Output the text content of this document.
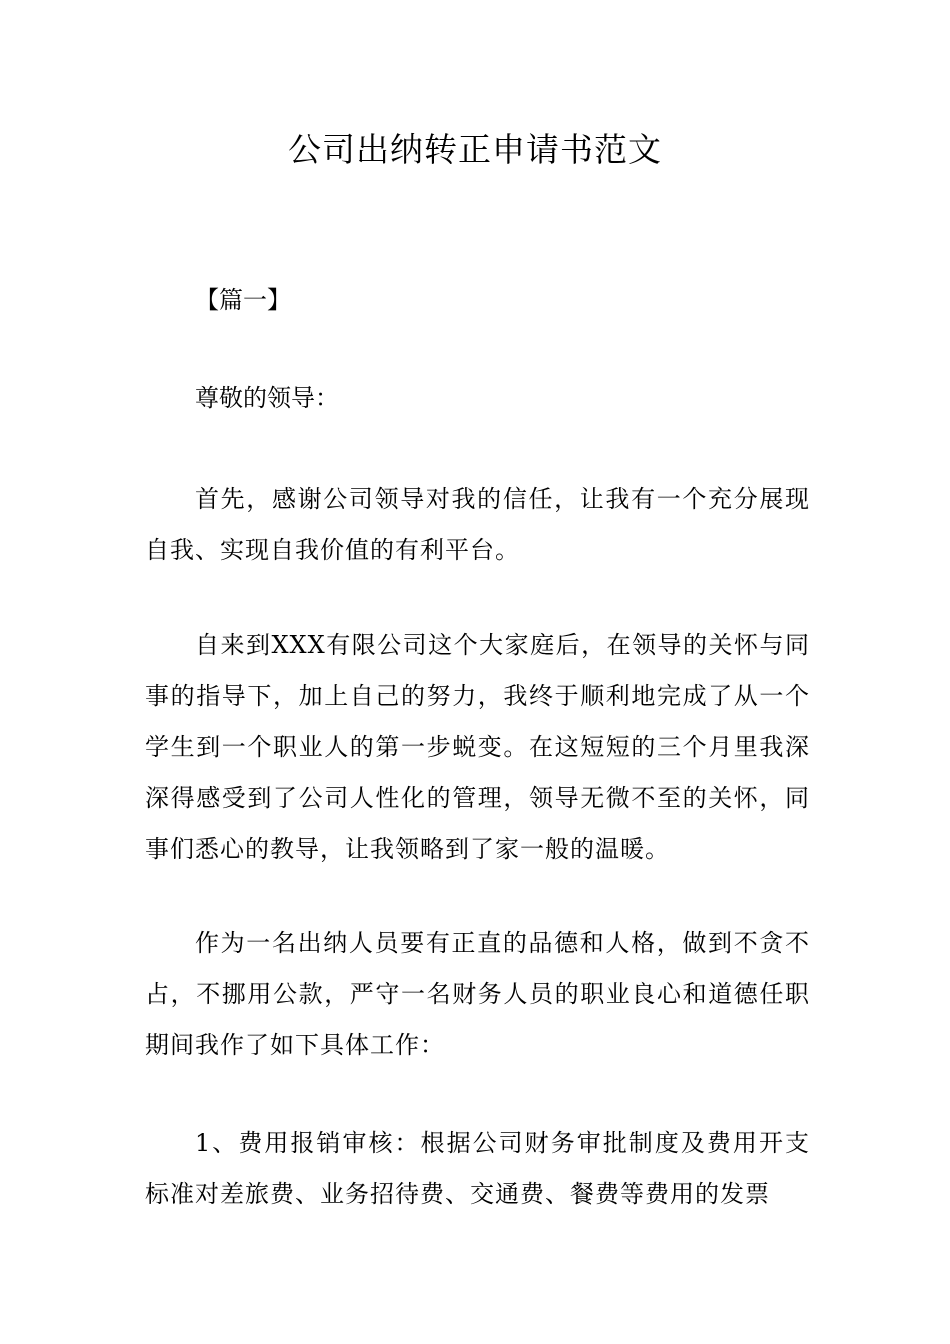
公司出纳转正申请书范文
【篇一】
尊敬的领导：

首先，感谢公司领导对我的信任，让我有一个充分展现自我、实现自我价值的有利平台。

自来到XXX有限公司这个大家庭后，在领导的关怀与同事的指导下，加上自己的努力，我终于顺利地完成了从一个学生到一个职业人的第一步蜕变。在这短短的三个月里我深深得感受到了公司人性化的管理，领导无微不至的关怀，同事们悉心的教导，让我领略到了家一般的温暖。

作为一名出纳人员要有正直的品德和人格，做到不贪不占，不挪用公款，严守一名财务人员的职业良心和道德任职期间我作了如下具体工作：

1、费用报销审核：根据公司财务审批制度及费用开支标准对差旅费、业务招待费、交通费、餐费等费用的发票
